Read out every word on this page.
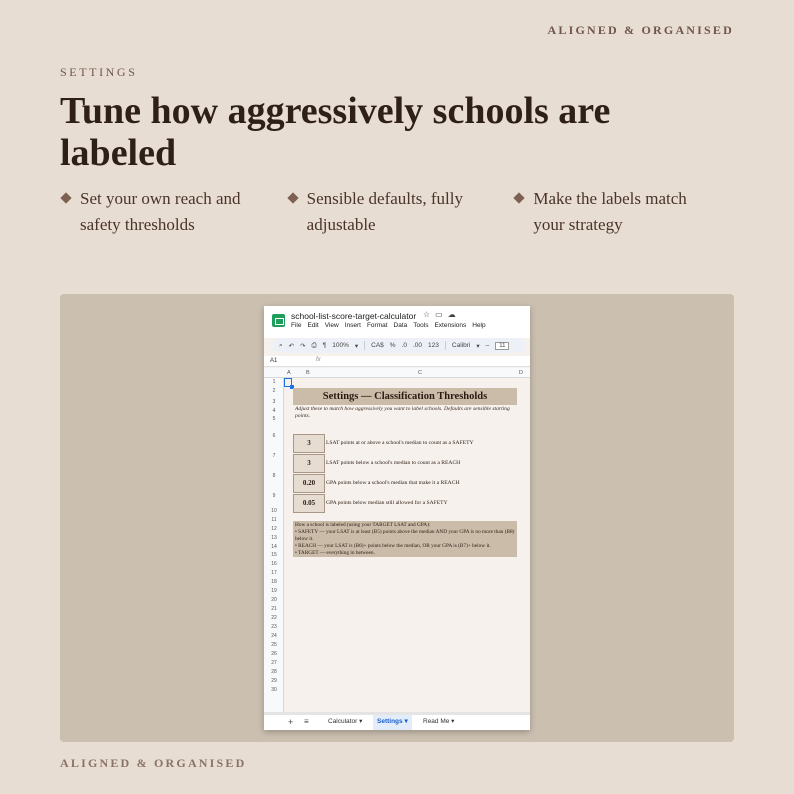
ALIGNED & ORGANISED
SETTINGS
Tune how aggressively schools are labeled
Set your own reach and safety thresholds
Sensible defaults, fully adjustable
Make the labels match your strategy
school-list-score-target-calculator ☆▭☁
File Edit View Insert Format Data Tools Extensions Help
⌕ ↶ ↷ ⎙ ¶ 100% ▾ CA$ % .0 .00 123 Calibri ▾ –	11
A1	fx
A	B	C	D
1
2
3
4
5
6
7
8
9
10
11
12
13
14
15
16
17
18
19
20
21
22
23
24
25
26
27
28
29
30
Settings — Classification Thresholds
Adjust these to match how aggressively you want to label schools. Defaults are sensible starting points.
3	LSAT points at or above a school's median to count as a SAFETY
3	LSAT points below a school's median to count as a REACH
0.20	GPA points below a school's median that make it a REACH
0.05	GPA points below median still allowed for a SAFETY
How a school is labeled (using your TARGET LSAT and GPA):
• SAFETY — your LSAT is at least (B5) points above the median AND your GPA is no more than (B8) below it.
• REACH — your LSAT is (B6)+ points below the median, OR your GPA is (B7)+ below it.
• TARGET — everything in between.
+ ≡	Calculator ▾	Settings ▾	Read Me ▾
ALIGNED & ORGANISED
